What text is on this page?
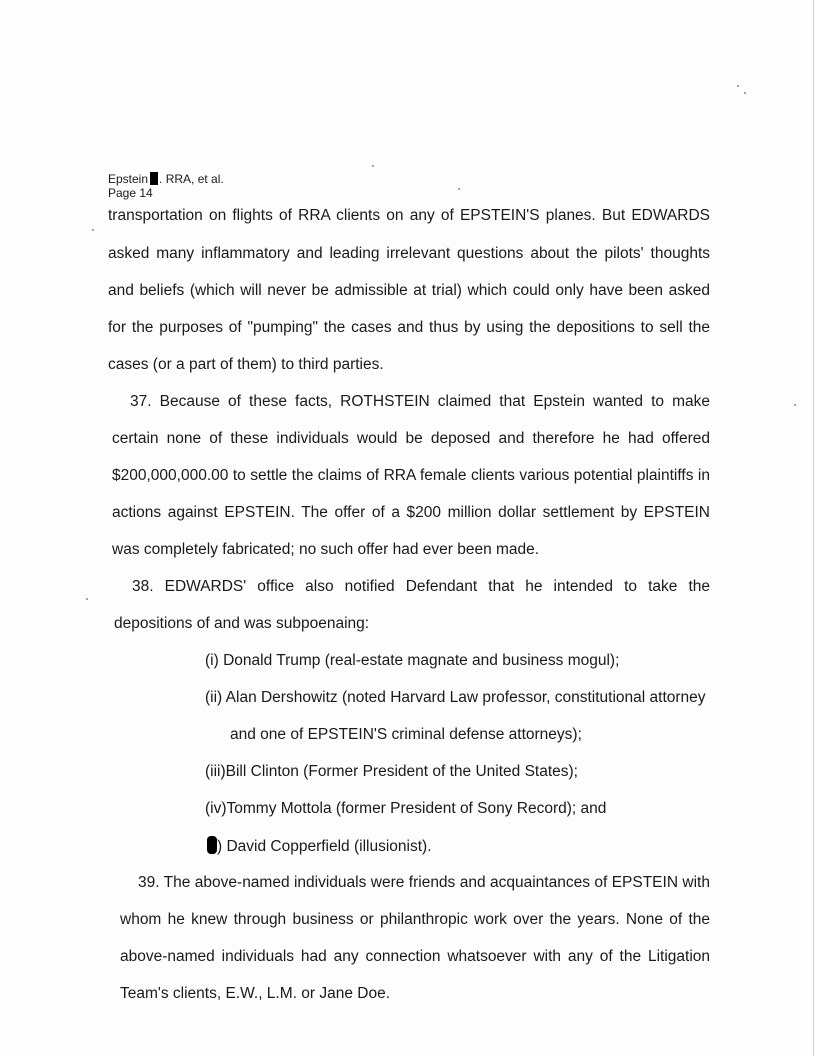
Epstein . RRA, et al.
Page 14
transportation on flights of RRA clients on any of EPSTEIN'S planes. But EDWARDS
asked many inflammatory and leading irrelevant questions about the pilots' thoughts
and beliefs (which will never be admissible at trial) which could only have been asked
for the purposes of "pumping" the cases and thus by using the depositions to sell the
cases (or a part of them) to third parties.
37. Because of these facts, ROTHSTEIN claimed that Epstein wanted to make
certain none of these individuals would be deposed and therefore he had offered
$200,000,000.00 to settle the claims of RRA female clients various potential plaintiffs in
actions against EPSTEIN. The offer of a $200 million dollar settlement by EPSTEIN
was completely fabricated; no such offer had ever been made.
38. EDWARDS' office also notified Defendant that he intended to take the
depositions of and was subpoenaing:
(i) Donald Trump (real-estate magnate and business mogul);
(ii) Alan Dershowitz (noted Harvard Law professor, constitutional attorney
and one of EPSTEIN'S criminal defense attorneys);
(iii)Bill Clinton (Former President of the United States);
(iv)Tommy Mottola (former President of Sony Record); and
) David Copperfield (illusionist).
39. The above-named individuals were friends and acquaintances of EPSTEIN with
whom he knew through business or philanthropic work over the years. None of the
above-named individuals had any connection whatsoever with any of the Litigation
Team's clients, E.W., L.M. or Jane Doe.
